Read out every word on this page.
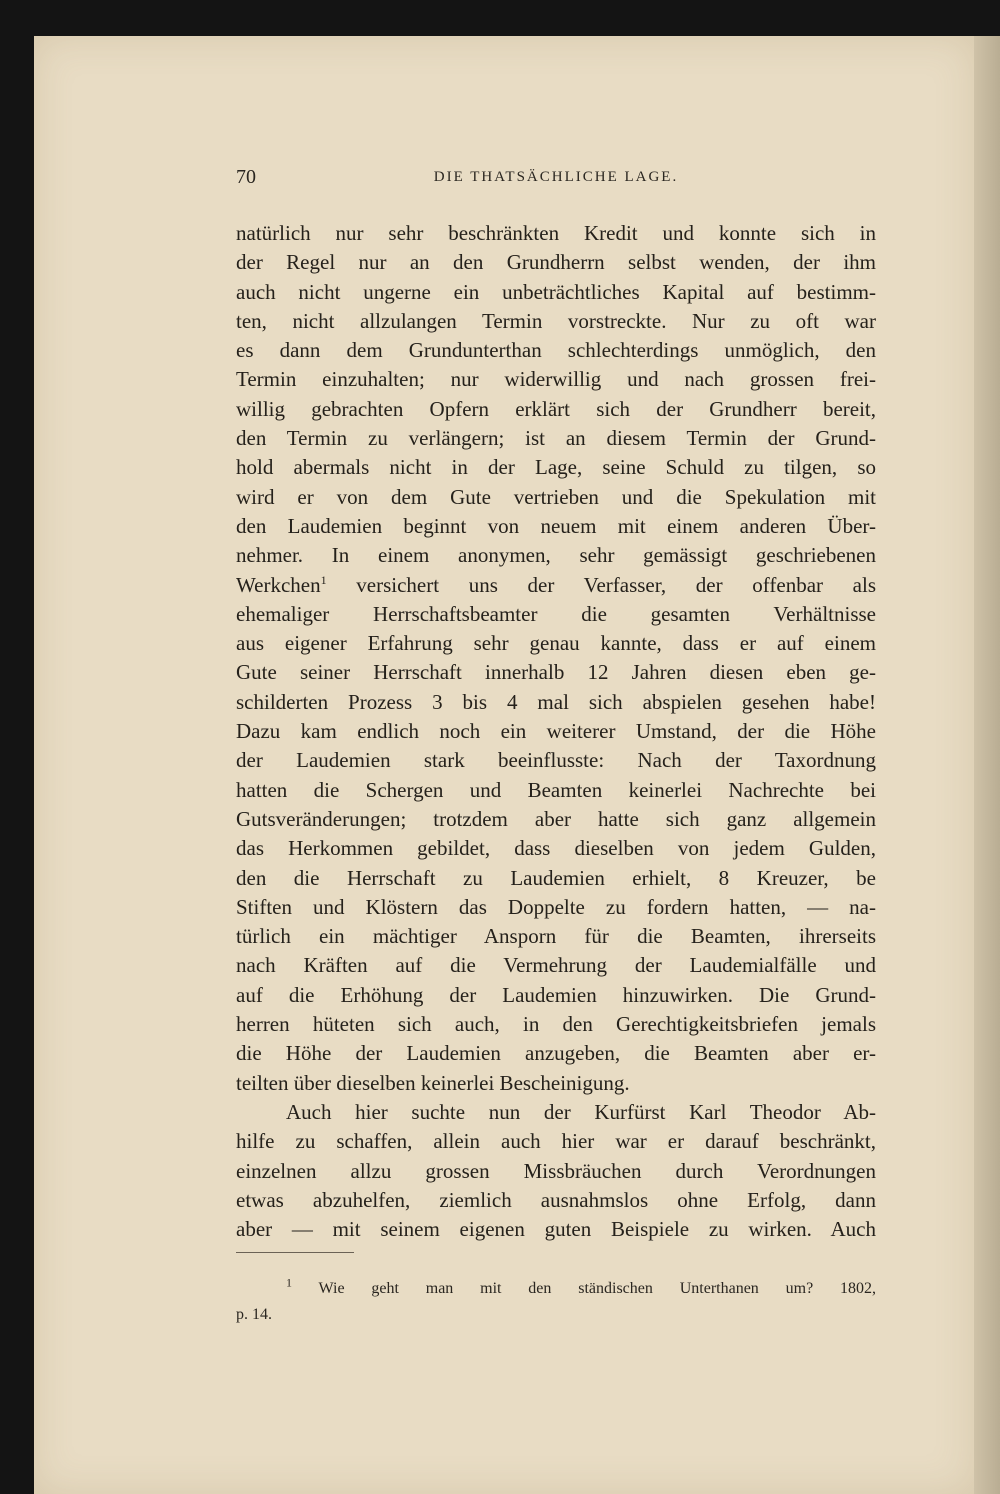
70	DIE THATSÄCHLICHE LAGE.
natürlich nur sehr beschränkten Kredit und konnte sich in
der Regel nur an den Grundherrn selbst wenden, der ihm
auch nicht ungerne ein unbeträchtliches Kapital auf bestimm-
ten, nicht allzulangen Termin vorstreckte. Nur zu oft war
es dann dem Grundunterthan schlechterdings unmöglich, den
Termin einzuhalten; nur widerwillig und nach grossen frei-
willig gebrachten Opfern erklärt sich der Grundherr bereit,
den Termin zu verlängern; ist an diesem Termin der Grund-
hold abermals nicht in der Lage, seine Schuld zu tilgen, so
wird er von dem Gute vertrieben und die Spekulation mit
den Laudemien beginnt von neuem mit einem anderen Über-
nehmer. In einem anonymen, sehr gemässigt geschriebenen
Werkchen$^1$ versichert uns der Verfasser, der offenbar als
ehemaliger Herrschaftsbeamter die gesamten Verhältnisse
aus eigener Erfahrung sehr genau kannte, dass er auf einem
Gute seiner Herrschaft innerhalb 12 Jahren diesen eben ge-
schilderten Prozess 3 bis 4 mal sich abspielen gesehen habe!
Dazu kam endlich noch ein weiterer Umstand, der die Höhe
der Laudemien stark beeinflusste: Nach der Taxordnung
hatten die Schergen und Beamten keinerlei Nachrechte bei
Gutsveränderungen; trotzdem aber hatte sich ganz allgemein
das Herkommen gebildet, dass dieselben von jedem Gulden,
den die Herrschaft zu Laudemien erhielt, 8 Kreuzer, be
Stiften und Klöstern das Doppelte zu fordern hatten, — na-
türlich ein mächtiger Ansporn für die Beamten, ihrerseits
nach Kräften auf die Vermehrung der Laudemialfälle und
auf die Erhöhung der Laudemien hinzuwirken. Die Grund-
herren hüteten sich auch, in den Gerechtigkeitsbriefen jemals
die Höhe der Laudemien anzugeben, die Beamten aber er-
teilten über dieselben keinerlei Bescheinigung.
Auch hier suchte nun der Kurfürst Karl Theodor Ab-
hilfe zu schaffen, allein auch hier war er darauf beschränkt,
einzelnen allzu grossen Missbräuchen durch Verordnungen
etwas abzuhelfen, ziemlich ausnahmslos ohne Erfolg, dann
aber — mit seinem eigenen guten Beispiele zu wirken. Auch
$^1$ Wie geht man mit den ständischen Unterthanen um? 1802,
p. 14.
